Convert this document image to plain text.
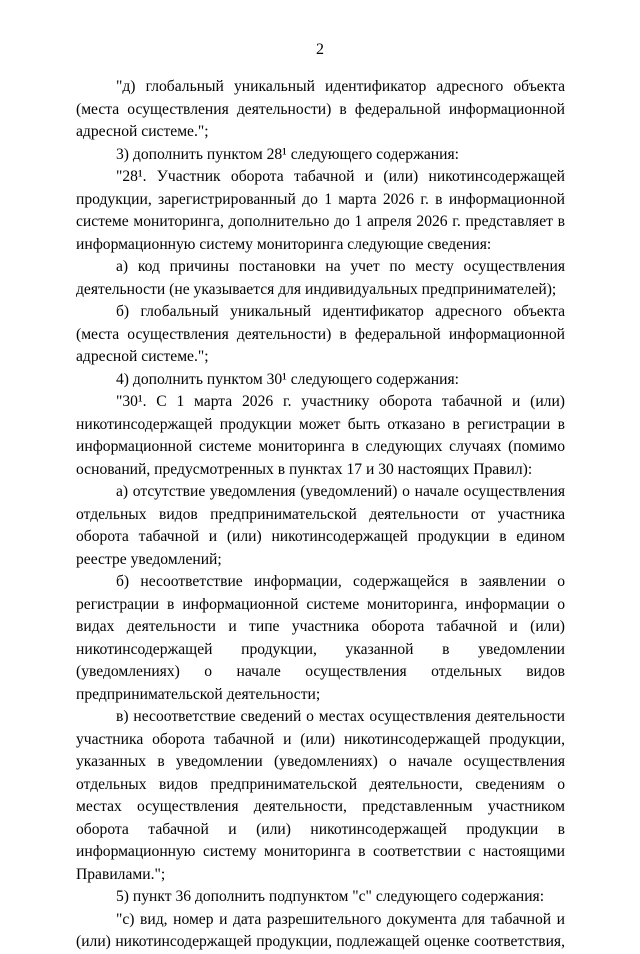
2

"д) глобальный уникальный идентификатор адресного объекта (места осуществления деятельности) в федеральной информационной адресной системе.";

3) дополнить пунктом 28¹ следующего содержания:

"28¹. Участник оборота табачной и (или) никотинсодержащей продукции, зарегистрированный до 1 марта 2026 г. в информационной системе мониторинга, дополнительно до 1 апреля 2026 г. представляет в информационную систему мониторинга следующие сведения:

а) код причины постановки на учет по месту осуществления деятельности (не указывается для индивидуальных предпринимателей);

б) глобальный уникальный идентификатор адресного объекта (места осуществления деятельности) в федеральной информационной адресной системе.";

4) дополнить пунктом 30¹ следующего содержания:

"30¹. С 1 марта 2026 г. участнику оборота табачной и (или) никотинсодержащей продукции может быть отказано в регистрации в информационной системе мониторинга в следующих случаях (помимо оснований, предусмотренных в пунктах 17 и 30 настоящих Правил):

а) отсутствие уведомления (уведомлений) о начале осуществления отдельных видов предпринимательской деятельности от участника оборота табачной и (или) никотинсодержащей продукции в едином реестре уведомлений;

б) несоответствие информации, содержащейся в заявлении о регистрации в информационной системе мониторинга, информации о видах деятельности и типе участника оборота табачной и (или) никотинсодержащей продукции, указанной в уведомлении (уведомлениях) о начале осуществления отдельных видов предпринимательской деятельности;

в) несоответствие сведений о местах осуществления деятельности участника оборота табачной и (или) никотинсодержащей продукции, указанных в уведомлении (уведомлениях) о начале осуществления отдельных видов предпринимательской деятельности, сведениям о местах осуществления деятельности, представленным участником оборота табачной и (или) никотинсодержащей продукции в информационную систему мониторинга в соответствии с настоящими Правилами.";

5) пункт 36 дополнить подпунктом "с" следующего содержания:

"с) вид, номер и дата разрешительного документа для табачной и (или) никотинсодержащей продукции, подлежащей оценке соответствия,
